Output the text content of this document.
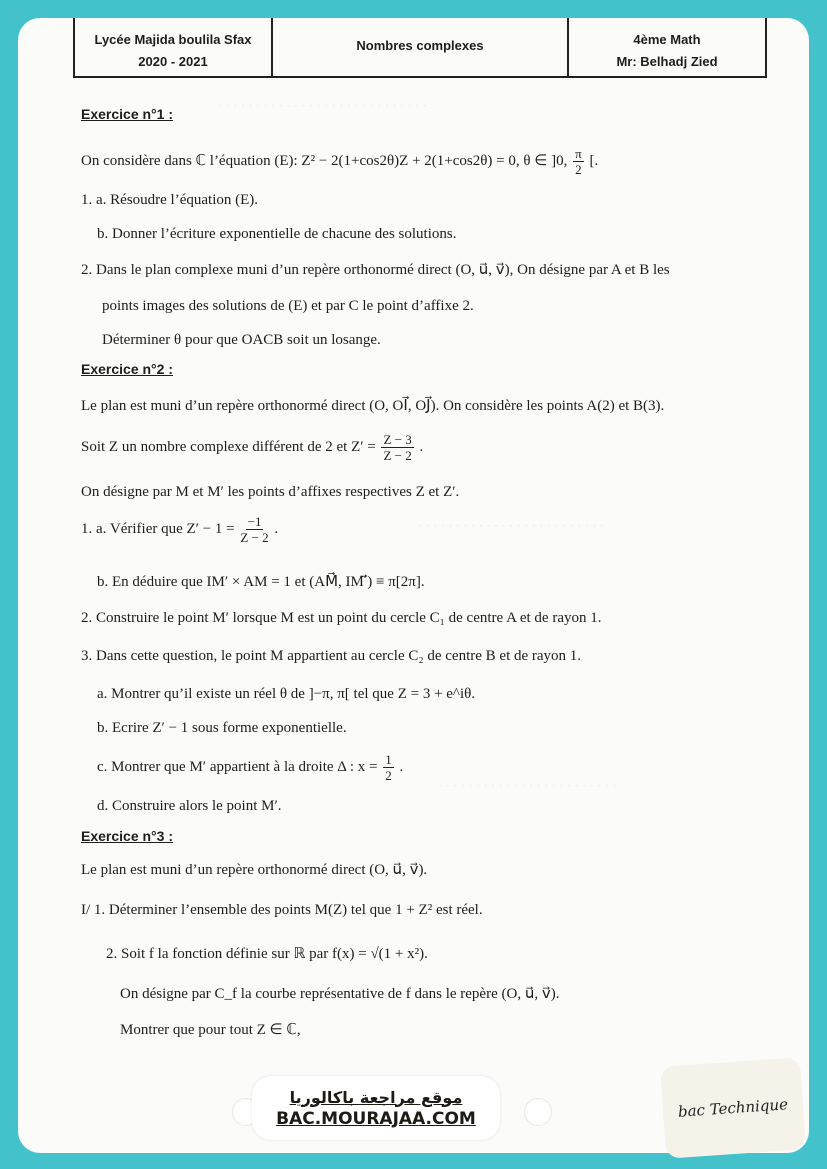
Lycée Majida boulila Sfax
2020 - 2021
Nombres complexes	4ème Math
Mr: Belhadj Zied
· · · · · · · · · · · · · · · · · · · · · · · · · · · ·
· · · · · · · · · · · · · · · · · · · · · · · · ·
· · · · · · · · · · · · · · · · · · · · · · · ·
Exercice n°1 :
On considère dans ℂ l’équation (E): Z² − 2(1+cos2θ)Z + 2(1+cos2θ) = 0, θ ∈ ]0, $\frac{\pi}{2}$ [.
1. a. Résoudre l’équation (E).
b. Donner l’écriture exponentielle de chacune des solutions.
2. Dans le plan complexe muni d’un repère orthonormé direct (O, u⃗, v⃗), On désigne par A et B les
points images des solutions de (E) et par C le point d’affixe 2.
Déterminer θ pour que OACB soit un losange.
Exercice n°2 :
Le plan est muni d’un repère orthonormé direct (O, OI⃗, OJ⃗). On considère les points A(2) et B(3).
Soit Z un nombre complexe différent de 2 et $Z' = \frac{Z - 3}{Z - 2}$ .
On désigne par M et M′ les points d’affixes respectives Z et Z′.
1. a. Vérifier que $Z' - 1 = \frac{-1}{Z - 2}$ .
b. En déduire que IM′ × AM = 1 et (AM⃗, IM′⃗) ≡ π[2π].
2. Construire le point M′ lorsque M est un point du cercle C₁ de centre A et de rayon 1.
3. Dans cette question, le point M appartient au cercle C₂ de centre B et de rayon 1.
a. Montrer qu’il existe un réel θ de ]−π, π[ tel que Z = 3 + e^iθ.
b. Ecrire Z′ − 1 sous forme exponentielle.
c. Montrer que M′ appartient à la droite Δ : $x = \frac{1}{2}$ .
d. Construire alors le point M′.
Exercice n°3 :
Le plan est muni d’un repère orthonormé direct (O, u⃗, v⃗).
I/ 1. Déterminer l’ensemble des points M(Z) tel que 1 + Z² est réel.
2. Soit f la fonction définie sur ℝ par f(x) = √(1 + x²).
On désigne par C_f la courbe représentative de f dans le repère (O, u⃗, v⃗).
Montrer que pour tout Z ∈ ℂ,
موقع مراجعة باكالوريا
BAC.MOURAJAA.COM	bac Technique
